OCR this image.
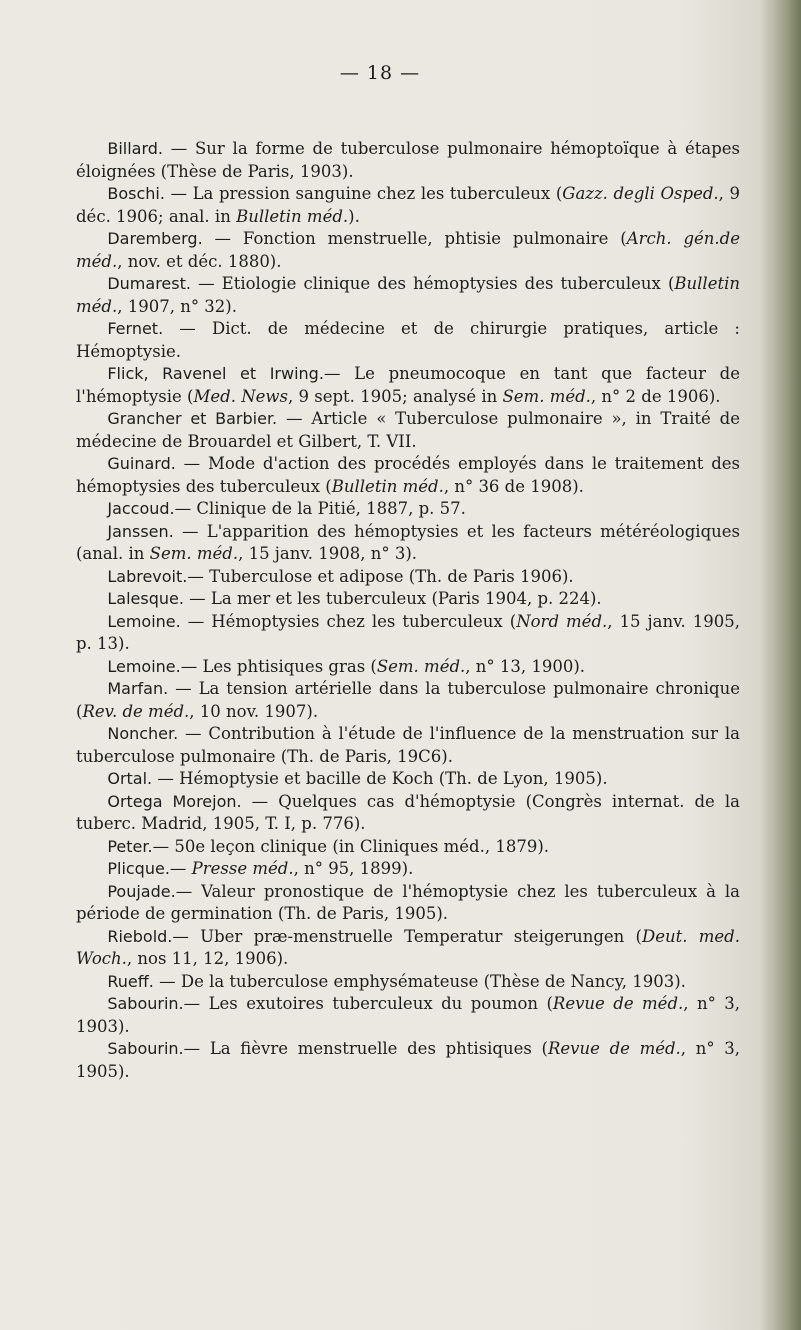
— 18 —

Billard. — Sur la forme de tuberculose pulmonaire hémoptoïque à étapes éloignées (Thèse de Paris, 1903).

Boschi. — La pression sanguine chez les tuberculeux (Gazz. degli Osped., 9 déc. 1906; anal. in Bulletin méd.).

Daremberg. — Fonction menstruelle, phtisie pulmonaire (Arch. gén.de méd., nov. et déc. 1880).

Dumarest. — Etiologie clinique des hémoptysies des tuberculeux (Bulletin méd., 1907, n° 32).

Fernet. — Dict. de médecine et de chirurgie pratiques, article : Hémoptysie.

Flick, Ravenel et Irwing.— Le pneumocoque en tant que facteur de l'hémoptysie (Med. News, 9 sept. 1905; analysé in Sem. méd., n° 2 de 1906).

Grancher et Barbier. — Article « Tuberculose pulmonaire », in Traité de médecine de Brouardel et Gilbert, T. VII.

Guinard. — Mode d'action des procédés employés dans le traitement des hémoptysies des tuberculeux (Bulletin méd., n° 36 de 1908).

Jaccoud.— Clinique de la Pitié, 1887, p. 57.

Janssen. — L'apparition des hémoptysies et les facteurs météréologiques (anal. in Sem. méd., 15 janv. 1908, n° 3).

Labrevoit.— Tuberculose et adipose (Th. de Paris 1906).

Lalesque. — La mer et les tuberculeux (Paris 1904, p. 224).

Lemoine. — Hémoptysies chez les tuberculeux (Nord méd., 15 janv. 1905, p. 13).

Lemoine.— Les phtisiques gras (Sem. méd., n° 13, 1900).

Marfan. — La tension artérielle dans la tuberculose pulmonaire chronique (Rev. de méd., 10 nov. 1907).

Noncher. — Contribution à l'étude de l'influence de la menstruation sur la tuberculose pulmonaire (Th. de Paris, 19C6).

Ortal. — Hémoptysie et bacille de Koch (Th. de Lyon, 1905).

Ortega Morejon. — Quelques cas d'hémoptysie (Congrès internat. de la tuberc. Madrid, 1905, T. I, p. 776).

Peter.— 50e leçon clinique (in Cliniques méd., 1879).

Plicque.— Presse méd., n° 95, 1899).

Poujade.— Valeur pronostique de l'hémoptysie chez les tuberculeux à la période de germination (Th. de Paris, 1905).

Riebold.— Uber præ-menstruelle Temperatur steigerungen (Deut. med. Woch., nos 11, 12, 1906).

Rueff. — De la tuberculose emphysémateuse (Thèse de Nancy, 1903).

Sabourin.— Les exutoires tuberculeux du poumon (Revue de méd., n° 3, 1903).

Sabourin.— La fièvre menstruelle des phtisiques (Revue de méd., n° 3, 1905).
